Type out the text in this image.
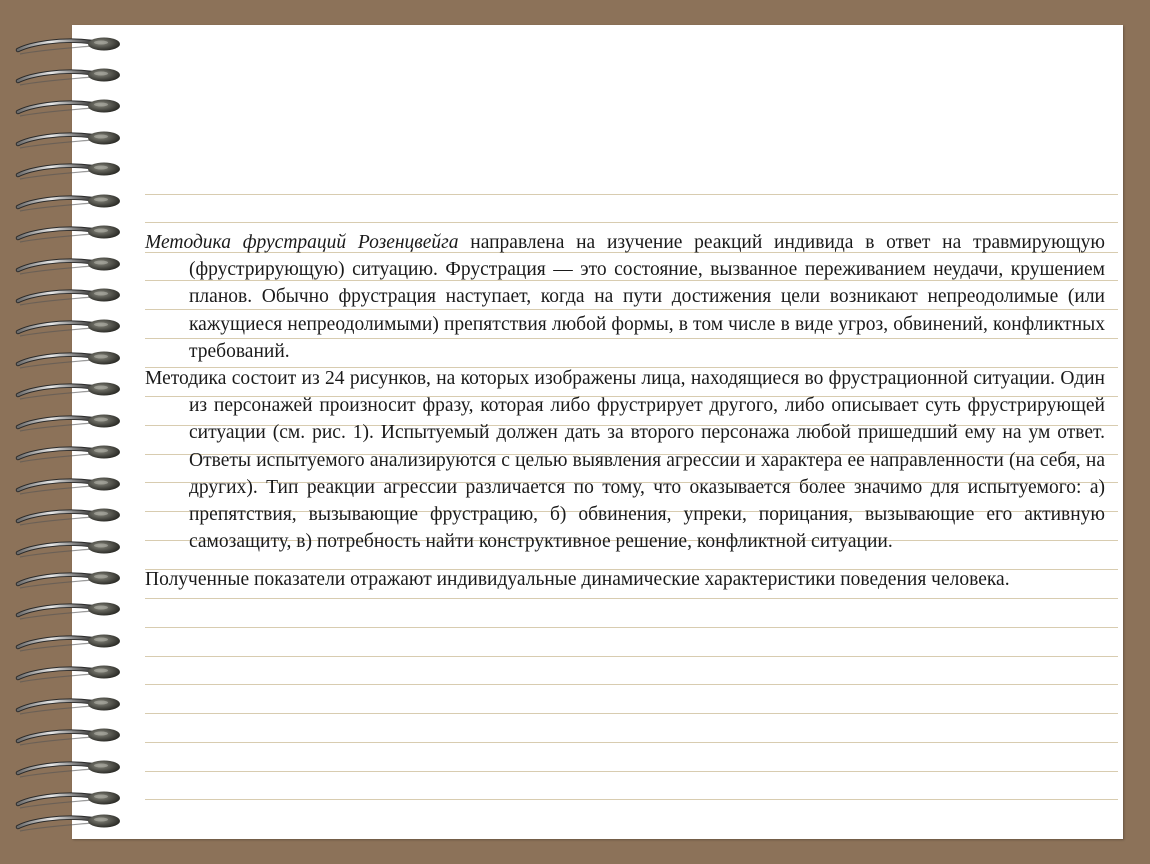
Методика фрустраций Розенцвейга направлена на изучение реакций индивида в ответ на травмирующую (фрустрирующую) ситуацию. Фрустрация — это состояние, вызванное переживанием неудачи, крушением планов. Обычно фрустрация наступает, когда на пути достижения цели возникают непреодолимые (или кажущиеся непреодолимыми) препятствия любой формы, в том числе в виде угроз, обвинений, конфликтных требований.

Методика состоит из 24 рисунков, на которых изображены лица, находящиеся во фрустрационной ситуации. Один из персонажей произносит фразу, которая либо фрустрирует другого, либо описывает суть фрустрирующей ситуации (см. рис. 1). Испытуемый должен дать за второго персонажа любой пришедший ему на ум ответ. Ответы испытуемого анализируются с целью выявления агрессии и характера ее направленности (на себя, на других). Тип реакции агрессии различается по тому, что оказывается более значимо для испытуемого: а) препятствия, вызывающие фрустрацию, б) обвинения, упреки, порицания, вызывающие его активную самозащиту, в) потребность найти конструктивное решение, конфликтной ситуации.

Полученные показатели отражают индивидуальные динамические характеристики поведения человека.
